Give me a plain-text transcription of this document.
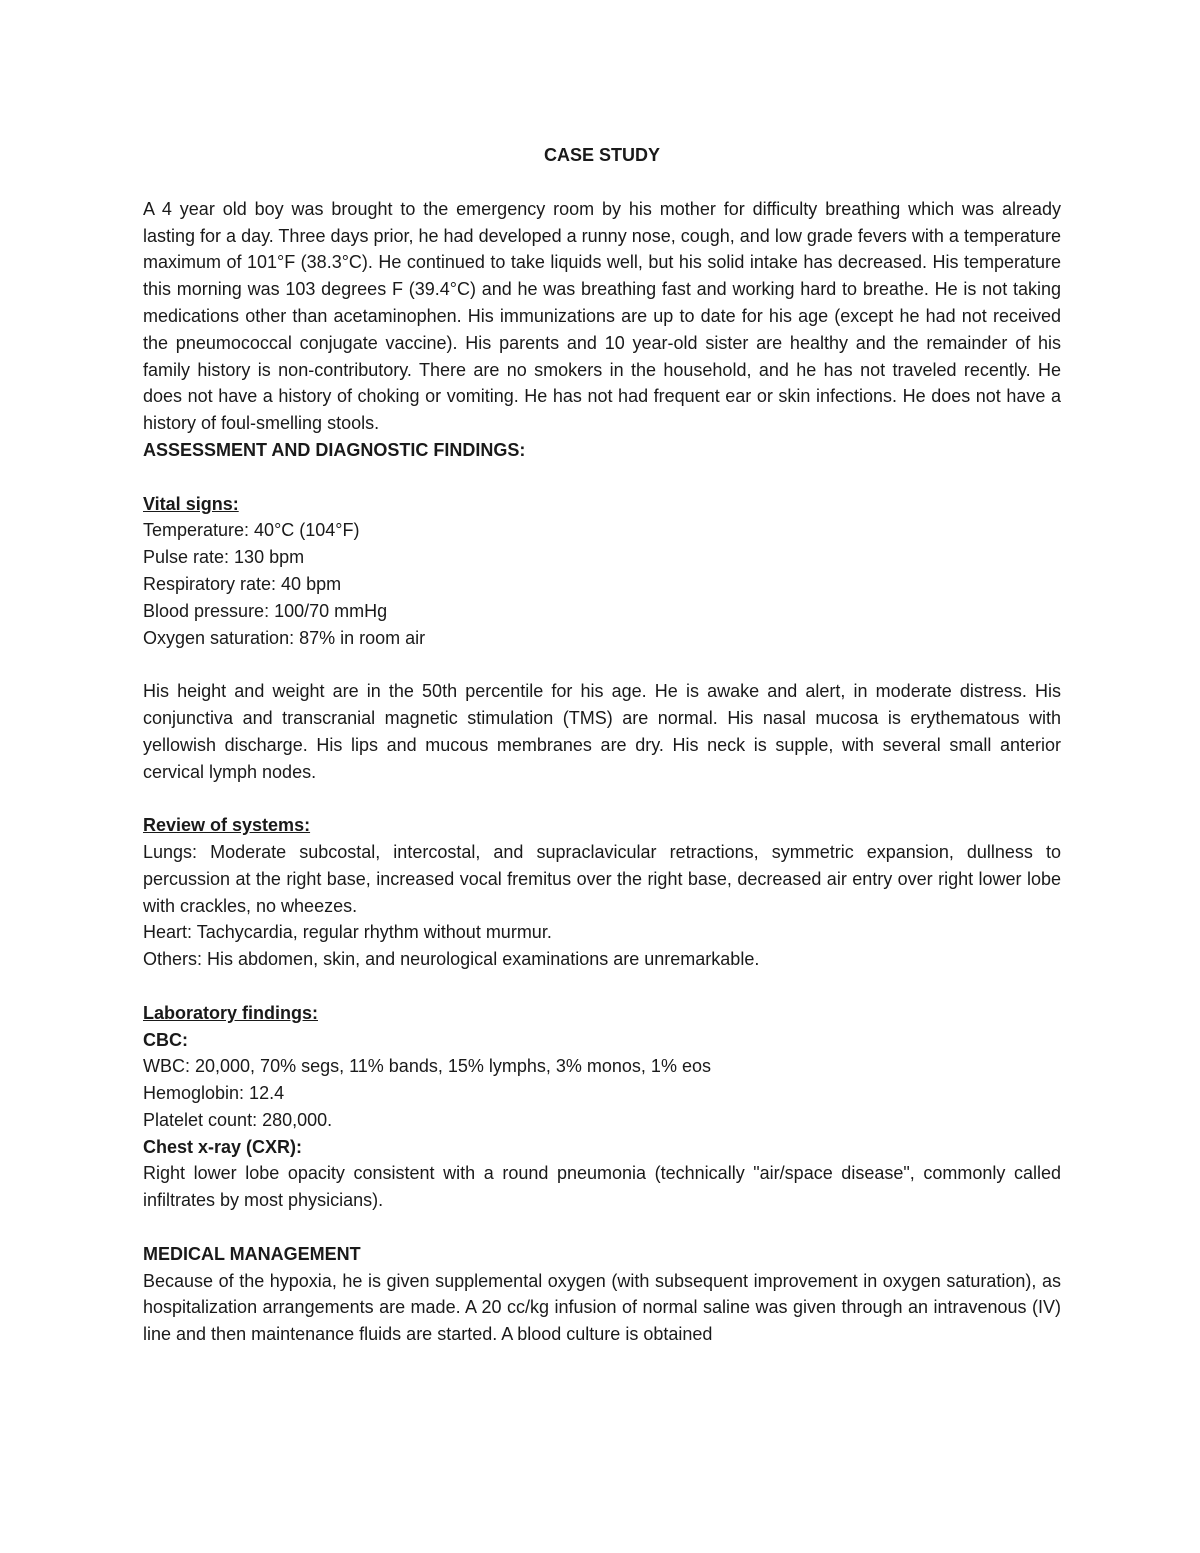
CASE STUDY

A 4 year old boy was brought to the emergency room by his mother for difficulty breathing which was already lasting for a day. Three days prior, he had developed a runny nose, cough, and low grade fevers with a temperature maximum of 101°F (38.3°C). He continued to take liquids well, but his solid intake has decreased. His temperature this morning was 103 degrees F (39.4°C) and he was breathing fast and working hard to breathe. He is not taking medications other than acetaminophen. His immunizations are up to date for his age (except he had not received the pneumococcal conjugate vaccine). His parents and 10 year-old sister are healthy and the remainder of his family history is non-contributory. There are no smokers in the household, and he has not traveled recently. He does not have a history of choking or vomiting. He has not had frequent ear or skin infections. He does not have a history of foul-smelling stools.

ASSESSMENT AND DIAGNOSTIC FINDINGS:

Vital signs:

Temperature: 40°C (104°F)

Pulse rate: 130 bpm

Respiratory rate: 40 bpm

Blood pressure: 100/70 mmHg

Oxygen saturation: 87% in room air

His height and weight are in the 50th percentile for his age. He is awake and alert, in moderate distress. His conjunctiva and transcranial magnetic stimulation (TMS) are normal. His nasal mucosa is erythematous with yellowish discharge. His lips and mucous membranes are dry. His neck is supple, with several small anterior cervical lymph nodes.

Review of systems:

Lungs: Moderate subcostal, intercostal, and supraclavicular retractions, symmetric expansion, dullness to percussion at the right base, increased vocal fremitus over the right base, decreased air entry over right lower lobe with crackles, no wheezes.

Heart: Tachycardia, regular rhythm without murmur.

Others: His abdomen, skin, and neurological examinations are unremarkable.

Laboratory findings:

CBC:

WBC: 20,000, 70% segs, 11% bands, 15% lymphs, 3% monos, 1% eos

Hemoglobin: 12.4

Platelet count: 280,000.

Chest x-ray (CXR):

Right lower lobe opacity consistent with a round pneumonia (technically "air/space disease", commonly called infiltrates by most physicians).

MEDICAL MANAGEMENT

Because of the hypoxia, he is given supplemental oxygen (with subsequent improvement in oxygen saturation), as hospitalization arrangements are made. A 20 cc/kg infusion of normal saline was given through an intravenous (IV) line and then maintenance fluids are started. A blood culture is obtained
